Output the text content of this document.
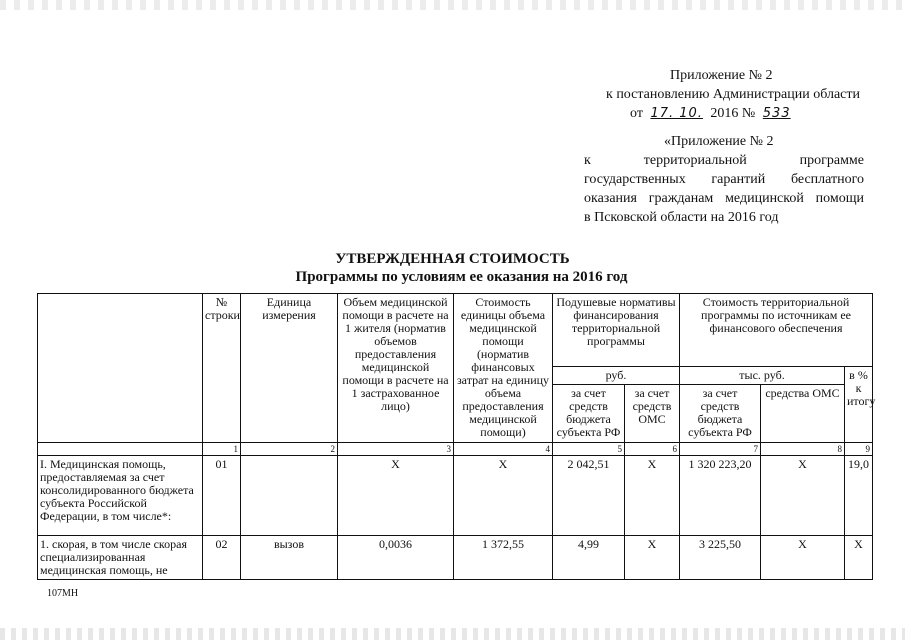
Приложение № 2
к постановлению Администрации области
от 17. 10. 2016 № 533
«Приложение № 2

к территориальной программе

государственных гарантий бесплатного

оказания гражданам медицинской помощи

в Псковской области на 2016 год

УТВЕРЖДЕННАЯ СТОИМОСТЬ
Программы по условиям ее оказания на 2016 год
	№ строки	Единица измерения	Объем медицинской помощи в расчете на 1 жителя (норматив объемов предоставления медицинской помощи в расчете на 1 застрахованное лицо)	Стоимость единицы объема медицинской помощи (норматив финансовых затрат на единицу объема предоставления медицинской помощи)	Подушевые нормативы финансирования территориальной программы		Стоимость территориальной программы по источникам ее финансового обеспечения		
					руб.		тыс. руб.		в % к итогу
					за счет средств бюджета субъекта РФ	за счет средств ОМС	за счет средств бюджета субъекта РФ	средства ОМС	
	1	2	3	4	5	6	7	8	9
I. Медицинская помощь, предоставляемая за счет консолидированного бюджета субъекта Российской Федерации, в том числе*:	01		X	X	2 042,51	X	1 320 223,20	X	19,0
1. скорая, в том числе скорая специализированная медицинская помощь, не	02	вызов	0,0036	1 372,55	4,99	X	3 225,50	X	X
107МН
